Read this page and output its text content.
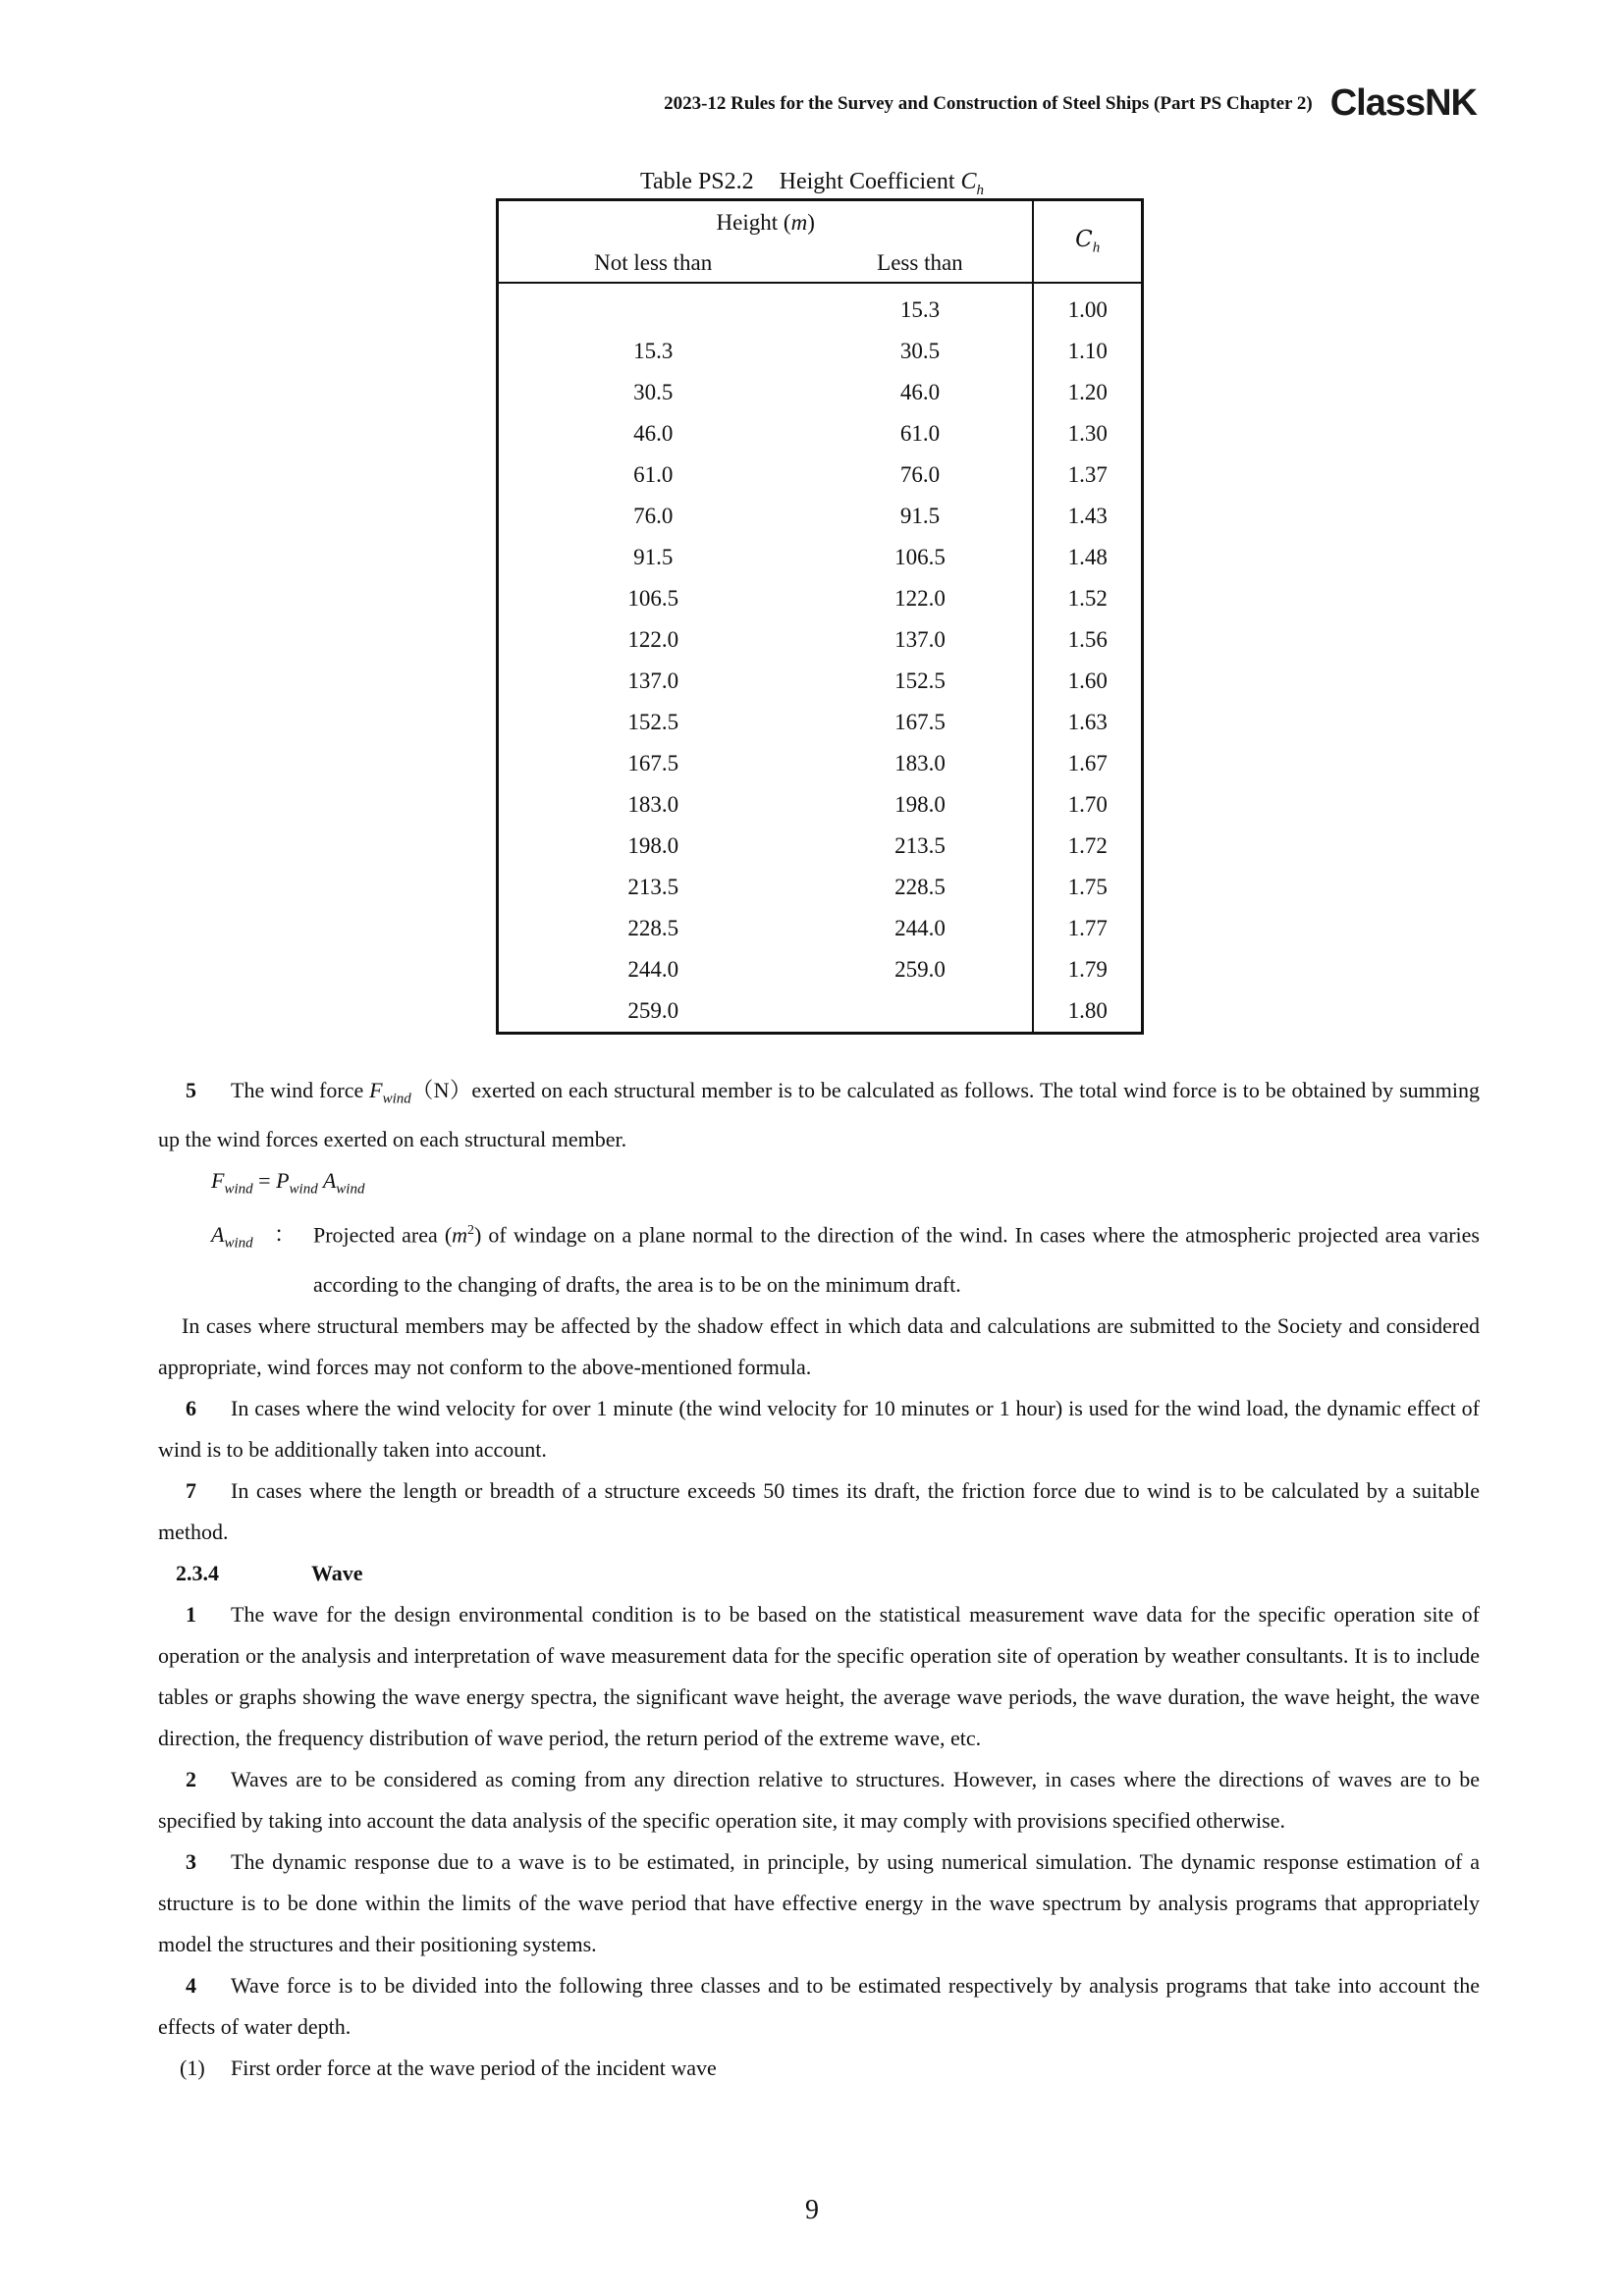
2023-12 Rules for the Survey and Construction of Steel Ships (Part PS Chapter 2) ClassNK
Table PS2.2 Height Coefficient $C_h$
Height (m)		$C_h$
Not less than	Less than	
	15.3	1.00
15.3	30.5	1.10
30.5	46.0	1.20
46.0	61.0	1.30
61.0	76.0	1.37
76.0	91.5	1.43
91.5	106.5	1.48
106.5	122.0	1.52
122.0	137.0	1.56
137.0	152.5	1.60
152.5	167.5	1.63
167.5	183.0	1.67
183.0	198.0	1.70
198.0	213.5	1.72
213.5	228.5	1.75
228.5	244.0	1.77
244.0	259.0	1.79
259.0		1.80

5 The wind force $F_{wind}(N)exerted$ on each structural member is to be calculated as follows. The total wind force is to be obtained by summing up the wind forces exerted on each structural member.

$F_{wind} = P_{wind}$ $A_{wind}$

$A_{wind}$ ： Projected area $(m^2)$ of windage on a plane normal to the direction of the wind. In cases where the atmospheric projected area varies according to the changing of drafts, the area is to be on the minimum draft.

In cases where structural members may be affected by the shadow effect in which data and calculations are submitted to the Society and considered appropriate, wind forces may not conform to the above-mentioned formula.

6 In cases where the wind velocity for over 1 minute (the wind velocity for 10 minutes or 1 hour) is used for the wind load, the dynamic effect of wind is to be additionally taken into account.

7 In cases where the length or breadth of a structure exceeds 50 times its draft, the friction force due to wind is to be calculated by a suitable method.

2.3.4	Wave

1 The wave for the design environmental condition is to be based on the statistical measurement wave data for the specific operation site of operation or the analysis and interpretation of wave measurement data for the specific operation site of operation by weather consultants. It is to include tables or graphs showing the wave energy spectra, the significant wave height, the average wave periods, the wave duration, the wave height, the wave direction, the frequency distribution of wave period, the return period of the extreme wave, etc.

2 Waves are to be considered as coming from any direction relative to structures. However, in cases where the directions of waves are to be specified by taking into account the data analysis of the specific operation site, it may comply with provisions specified otherwise.

3 The dynamic response due to a wave is to be estimated, in principle, by using numerical simulation. The dynamic response estimation of a structure is to be done within the limits of the wave period that have effective energy in the wave spectrum by analysis programs that appropriately model the structures and their positioning systems.

4 Wave force is to be divided into the following three classes and to be estimated respectively by analysis programs that take into account the effects of water depth.

(1) First order force at the wave period of the incident wave

9
